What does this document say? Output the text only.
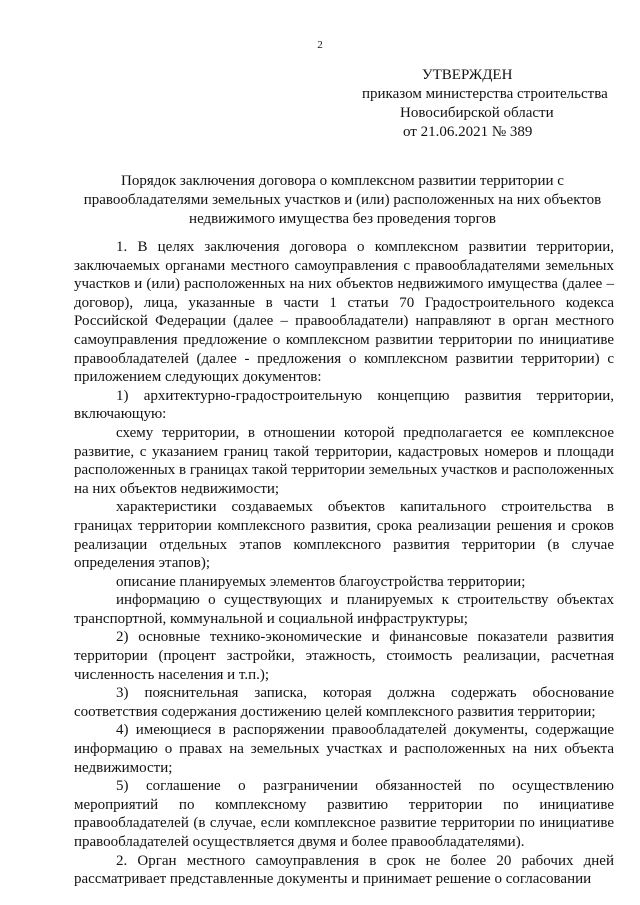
2
УТВЕРЖДЕН
приказом министерства строительства
Новосибирской области
от 21.06.2021 № 389
Порядок заключения договора о комплексном развитии территории с
правообладателями земельных участков и (или) расположенных на них объектов
недвижимого имущества без проведения торгов

1. В целях заключения договора о комплексном развитии территории, заключаемых органами местного самоуправления с правообладателями земельных участков и (или) расположенных на них объектов недвижимого имущества (далее – договор), лица, указанные в части 1 статьи 70 Градостроительного кодекса Российской Федерации (далее – правообладатели) направляют в орган местного самоуправления предложение о комплексном развитии территории по инициативе правообладателей (далее - предложения о комплексном развитии территории) с приложением следующих документов:

1) архитектурно-градостроительную концепцию развития территории, включающую:

схему территории, в отношении которой предполагается ее комплексное развитие, с указанием границ такой территории, кадастровых номеров и площади расположенных в границах такой территории земельных участков и расположенных на них объектов недвижимости;

характеристики создаваемых объектов капитального строительства в границах территории комплексного развития, срока реализации решения и сроков реализации отдельных этапов комплексного развития территории (в случае определения этапов);

описание планируемых элементов благоустройства территории;

информацию о существующих и планируемых к строительству объектах транспортной, коммунальной и социальной инфраструктуры;

2) основные технико-экономические и финансовые показатели развития территории (процент застройки, этажность, стоимость реализации, расчетная численность населения и т.п.);

3) пояснительная записка, которая должна содержать обоснование соответствия содержания достижению целей комплексного развития территории;

4) имеющиеся в распоряжении правообладателей документы, содержащие информацию о правах на земельных участках и расположенных на них объекта недвижимости;

5) соглашение о разграничении обязанностей по осуществлению мероприятий по комплексному развитию территории по инициативе правообладателей (в случае, если комплексное развитие территории по инициативе правообладателей осуществляется двумя и более правообладателями).

2. Орган местного самоуправления в срок не более 20 рабочих дней рассматривает представленные документы и принимает решение о согласовании
